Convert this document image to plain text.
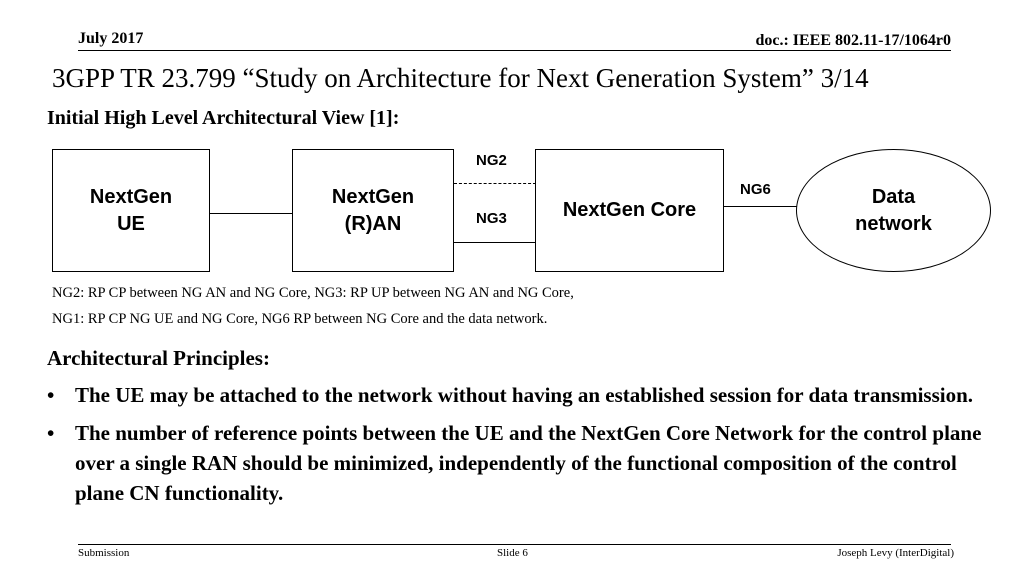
July 2017	doc.: IEEE 802.11-17/1064r0
3GPP TR 23.799 “Study on Architecture for Next Generation System” 3/14
Initial High Level Architectural View [1]:
NextGen
UE
NextGen
(R)AN
NG2
NG3	NextGen Core
NG6	Data
network
NG2: RP CP between NG AN and NG Core, NG3: RP UP between NG AN and NG Core,
NG1: RP CP NG UE and NG Core, NG6 RP between NG Core and the data network.
Architectural Principles:
• The UE may be attached to the network without having an established session for data transmission.
• The number of reference points between the UE and the NextGen Core Network for the control plane over a single RAN should be minimized, independently of the functional composition of the control plane CN functionality.
Submission	Slide 6	Joseph Levy (InterDigital)
